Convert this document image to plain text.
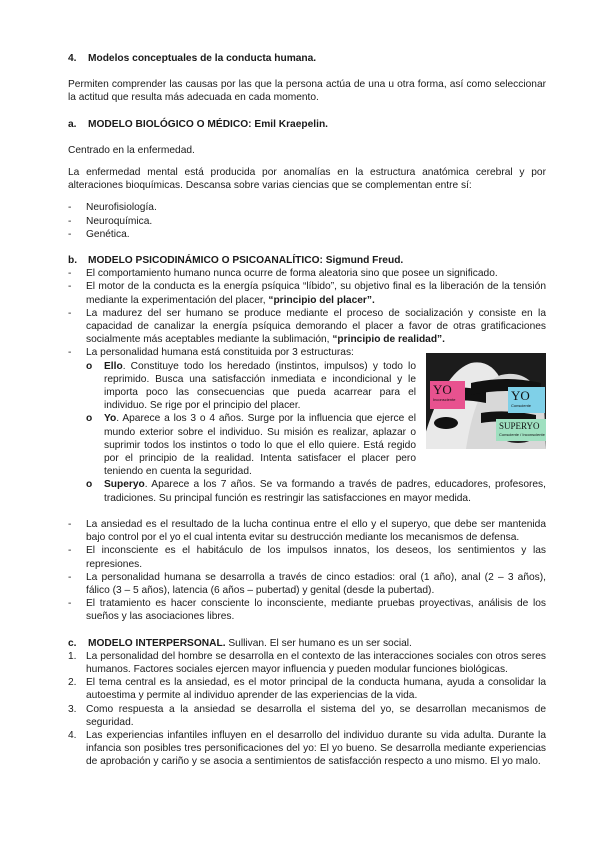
4.	Modelos conceptuales de la conducta humana.

Permiten comprender las causas por las que la persona actúa de una u otra forma, así como seleccionar la actitud que resulta más adecuada en cada momento.

a.	MODELO BIOLÓGICO O MÉDICO: Emil Kraepelin.

Centrado en la enfermedad.

La enfermedad mental está producida por anomalías en la estructura anatómica cerebral y por alteraciones bioquímicas. Descansa sobre varias ciencias que se complementan entre sí:

-	Neurofisiología.
-	Neuroquímica.
-	Genética.
b.	MODELO PSICODINÁMICO O PSICOANALÍTICO: Sigmund Freud.
-	El comportamiento humano nunca ocurre de forma aleatoria sino que posee un significado.
-	El motor de la conducta es la energía psíquica “líbido”, su objetivo final es la liberación de la tensión mediante la experimentación del placer, “principio del placer”.
-	La madurez del ser humano se produce mediante el proceso de socialización y consiste en la capacidad de canalizar la energía psíquica demorando el placer a favor de otras gratificaciones socialmente más aceptables mediante la sublimación, “principio de realidad”.
-	La personalidad humana está constituida por 3 estructuras:
o	Ello. Constituye todo los heredado (instintos, impulsos) y todo lo reprimido. Busca una satisfacción inmediata e incondicional y le importa poco las consecuencias que pueda acarrear para el individuo. Se rige por el principio del placer.
o	Yo. Aparece a los 3 o 4 años. Surge por la influencia que ejerce el mundo exterior sobre el individuo. Su misión es realizar, aplazar o suprimir todos los instintos o todo lo que el ello quiere. Está regido por el principio de la realidad. Intenta satisfacer el placer pero teniendo en cuenta la seguridad.
o	Superyo. Aparece a los 7 años. Se va formando a través de padres, educadores, profesores, tradiciones. Su principal función es restringir las satisfacciones en mayor medida.
-	La ansiedad es el resultado de la lucha continua entre el ello y el superyo, que debe ser mantenida bajo control por el yo el cual intenta evitar su destrucción mediante los mecanismos de defensa.
-	El inconsciente es el habitáculo de los impulsos innatos, los deseos, los sentimientos y las represiones.
-	La personalidad humana se desarrolla a través de cinco estadios: oral (1 año), anal (2 – 3 años), fálico (3 – 5 años), latencia (6 años – pubertad) y genital (desde la pubertad).
-	El tratamiento es hacer consciente lo inconsciente, mediante pruebas proyectivas, análisis de los sueños y las asociaciones libres.
c.	MODELO INTERPERSONAL. Sullivan. El ser humano es un ser social.
1. La personalidad del hombre se desarrolla en el contexto de las interacciones sociales con otros seres humanos. Factores sociales ejercen mayor influencia y pueden modular funciones biológicas.
2. El tema central es la ansiedad, es el motor principal de la conducta humana, ayuda a consolidar la autoestima y permite al individuo aprender de las experiencias de la vida.
3. Como respuesta a la ansiedad se desarrolla el sistema del yo, se desarrollan mecanismos de seguridad.
4. Las experiencias infantiles influyen en el desarrollo del individuo durante su vida adulta. Durante la infancia son posibles tres personificaciones del yo: El yo bueno. Se desarrolla mediante experiencias de aprobación y cariño y se asocia a sentimientos de satisfacción respecto a uno mismo. El yo malo.
YO
Inconsciente	YO
Consciente
SUPERYO
Consciente / Inconsciente
